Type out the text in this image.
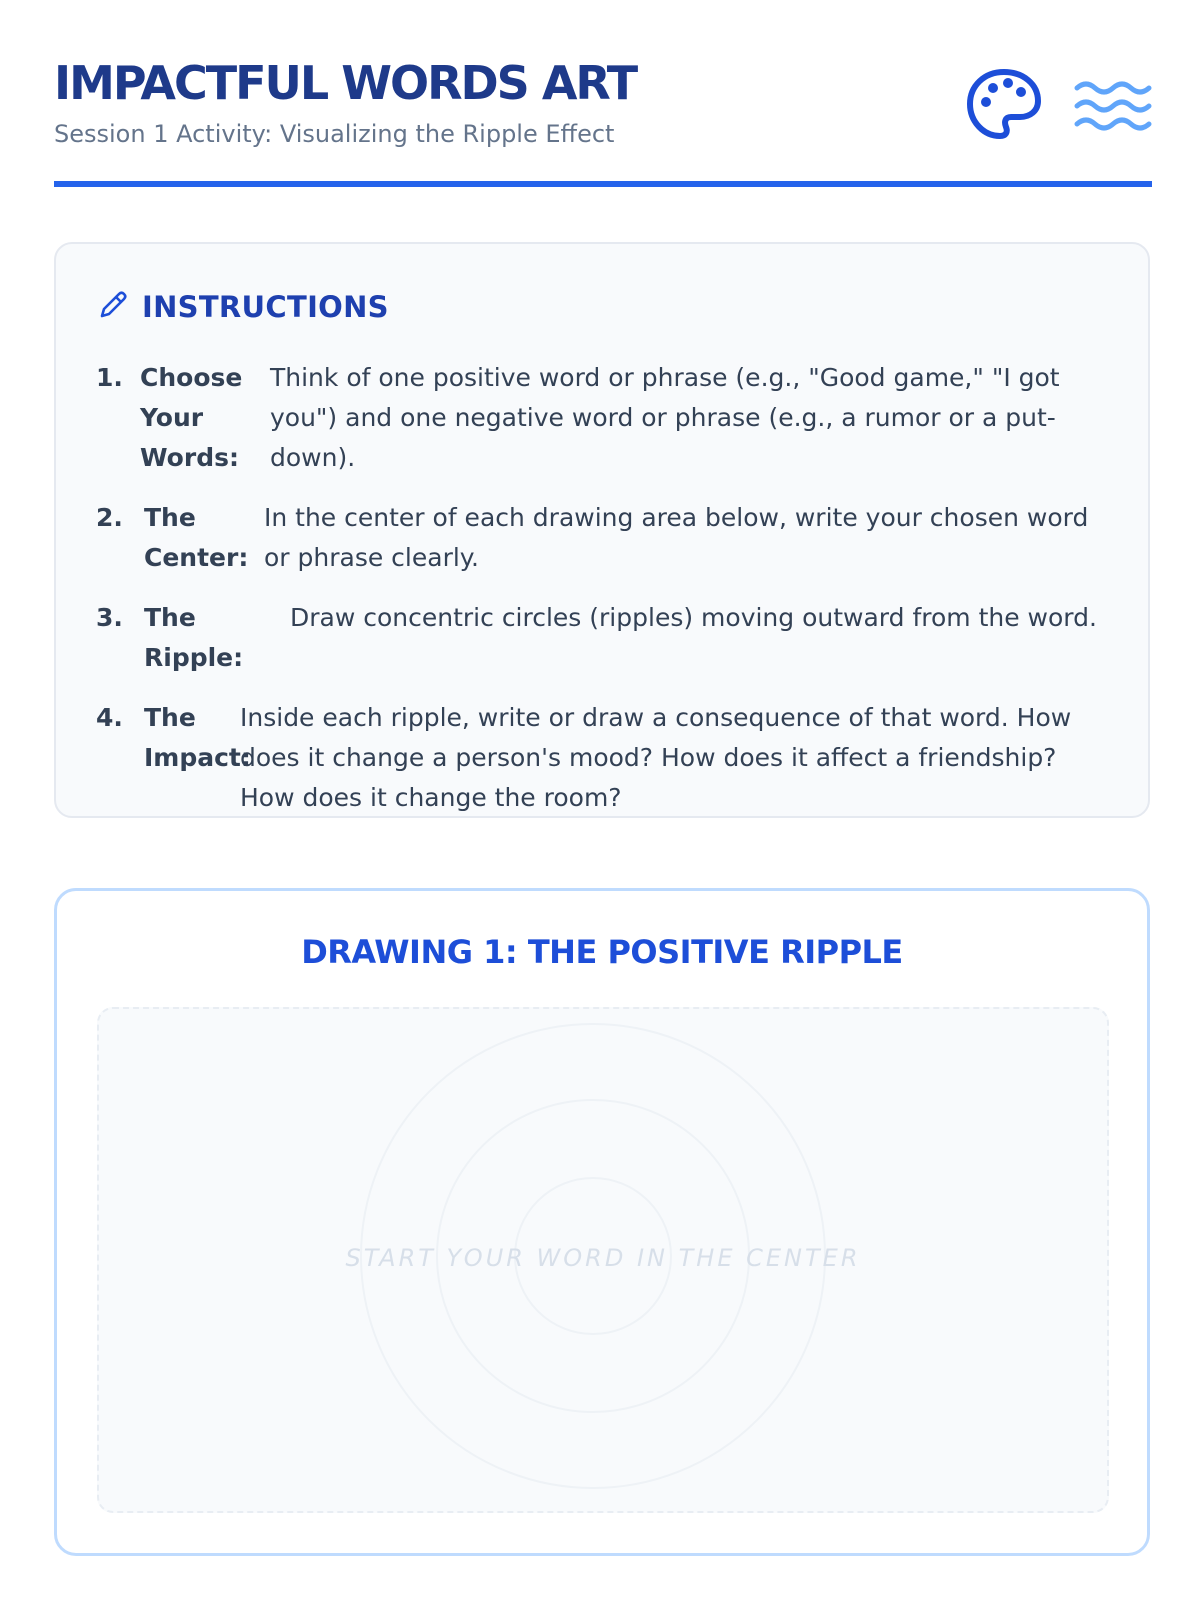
IMPACTFUL WORDS ART
Session 1 Activity: Visualizing the Ripple Effect
INSTRUCTIONS
1. Choose Your Words:
Think of one positive word or phrase (e.g., "Good game," "I got you") and one negative word or phrase (e.g., a rumor or a put-down).
2. The Center:
In the center of each drawing area below, write your chosen word or phrase clearly.
3. The Ripple:
Draw concentric circles (ripples) moving outward from the word.
4. The Impact:
Inside each ripple, write or draw a consequence of that word. How does it change a person's mood? How does it affect a friendship? How does it change the room?
DRAWING 1: THE POSITIVE RIPPLE
START YOUR WORD IN THE CENTER
